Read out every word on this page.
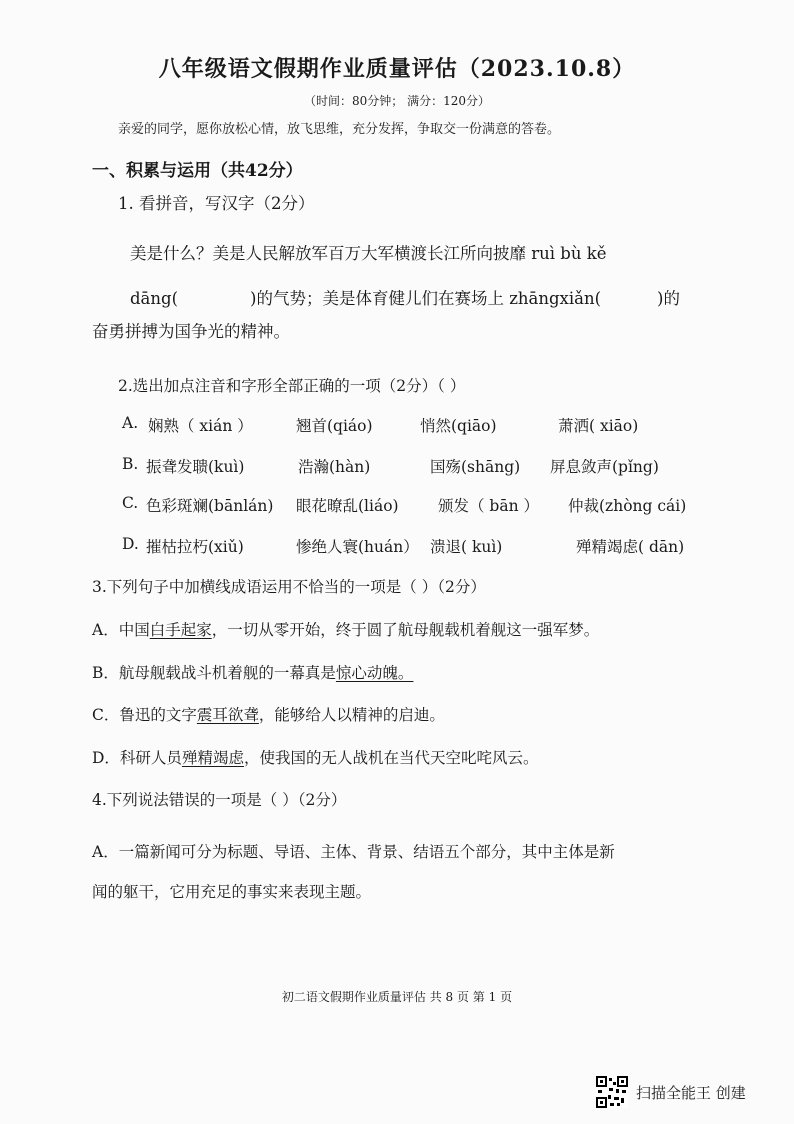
八年级语文假期作业质量评估（2023.10.8）
（时间：80分钟； 满分：120分）
亲爱的同学，愿你放松心情，放飞思维，充分发挥，争取交一份满意的答卷。
一、积累与运用（共42分）
1. 看拼音，写汉字（2分）
美是什么？美是人民解放军百万大军横渡长江所向披靡 ruì bù kě
dāng(	)的气势；美是体育健儿们在赛场上 zhāngxiǎn(	)的
奋勇拼搏为国争光的精神。
2.选出加点注音和字形全部正确的一项（2分）（ ）
A. 娴熟（ xián ）	翘首(qiáo)	悄然(qiāo)	萧洒( xiāo)
B. 振聋发聩(kuì)	浩瀚(hàn)	国殇(shāng) 屏息敛声(pǐng)
C. 色彩斑斓(bānlán) 眼花暸乱(liáo)	颁发（ bān ） 仲裁(zhòng cái)
D. 摧枯拉朽(xiǔ)	惨绝人寰(huán） 溃退( kuì)	殚精竭虑( dān)
3.下列句子中加横线成语运用不恰当的一项是（ ）（2分）
A．中国白手起家，一切从零开始，终于圆了航母舰载机着舰这一强军梦。
B．航母舰载战斗机着舰的一幕真是惊心动魄。
C．鲁迅的文字震耳欲聋，能够给人以精神的启迪。
D．科研人员殚精竭虑，使我国的无人战机在当代天空叱咤风云。
4.下列说法错误的一项是（ ）（2分）
A．一篇新闻可分为标题、导语、主体、背景、结语五个部分，其中主体是新
闻的躯干，它用充足的事实来表现主题。
初二语文假期作业质量评估 共 8 页 第 1 页
扫描全能王 创建
